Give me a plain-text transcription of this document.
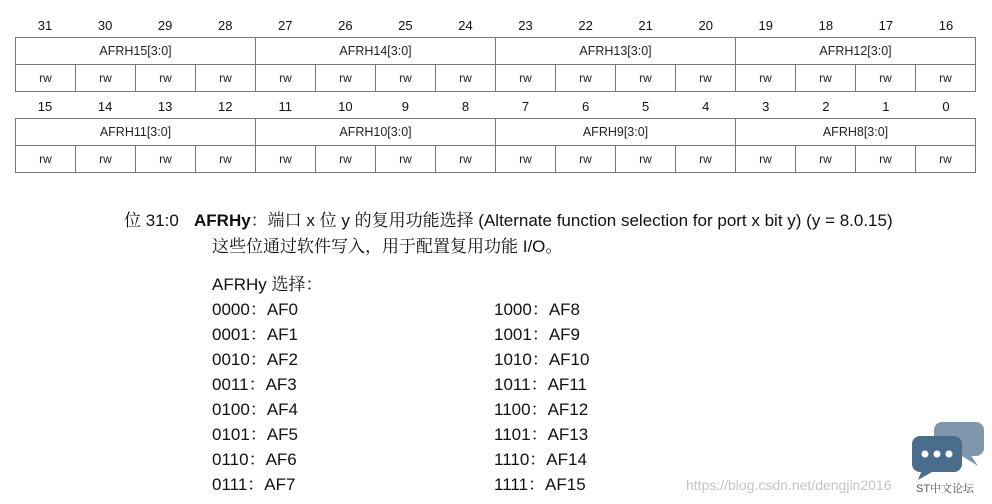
31	30	29	28	27	26	25	24	23	22	21	20	19	18	17	16
AFRH15[3:0]	AFRH14[3:0]	AFRH13[3:0]	AFRH12[3:0]
rw	rw	rw	rw	rw	rw	rw	rw	rw	rw	rw	rw	rw	rw	rw	rw
15	14	13	12	11	10	9	8	7	6	5	4	3	2	1	0
AFRH11[3:0]	AFRH10[3:0]	AFRH9[3:0]	AFRH8[3:0]
rw	rw	rw	rw	rw	rw	rw	rw	rw	rw	rw	rw	rw	rw	rw	rw
位 31:0 AFRHy：端口 x 位 y 的复用功能选择 (Alternate function selection for port x bit y) (y = 8.0.15)
这些位通过软件写入，用于配置复用功能 I/O。
AFRHy 选择：
0000：AF0	1000：AF8
0001：AF1	1001：AF9
0010：AF2	1010：AF10
0011：AF3	1011：AF11
0100：AF4	1100：AF12
0101：AF5	1101：AF13
0110：AF6	1110：AF14
0111：AF7	1111：AF15	https://blog.csdn.net/dengjin2016 ST中文论坛
